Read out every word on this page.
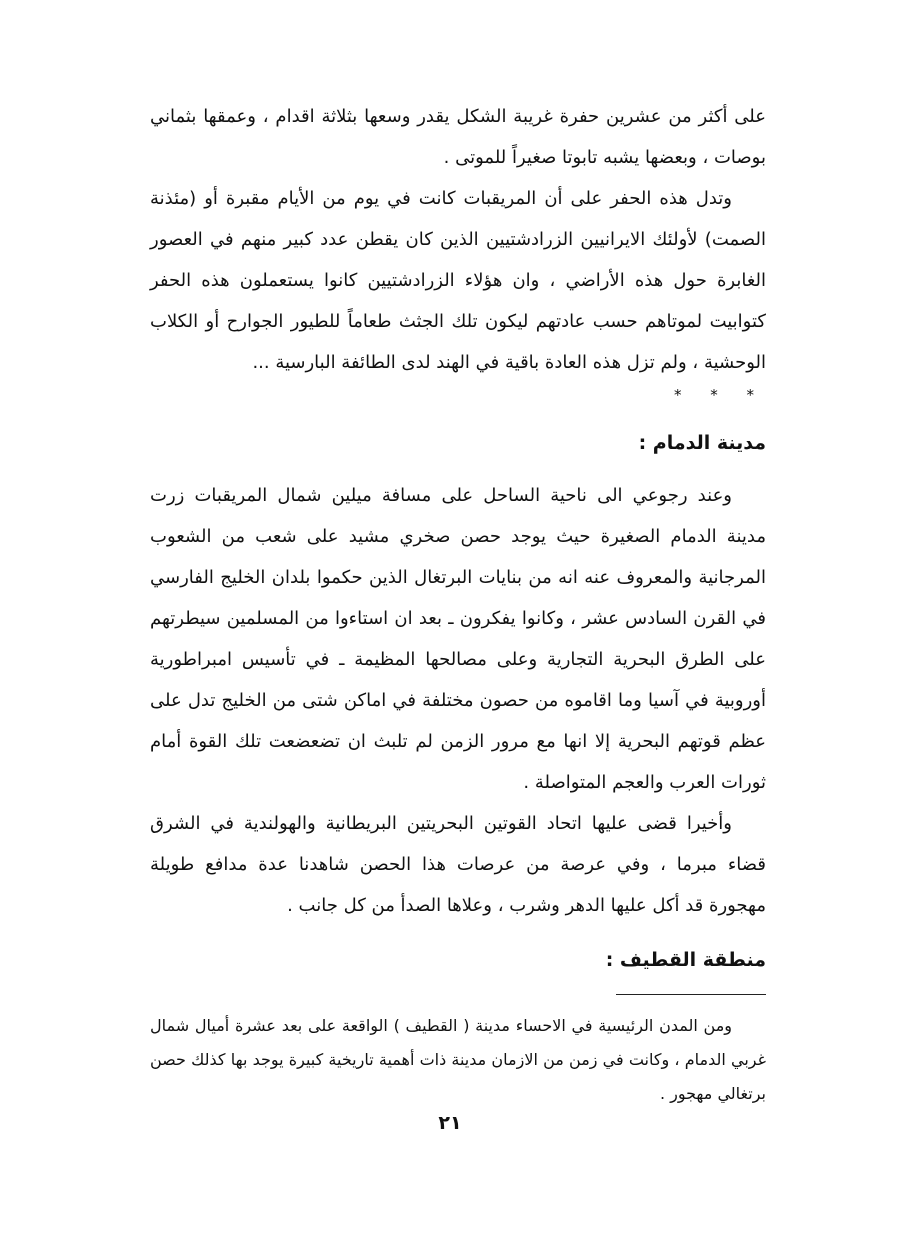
على أكثر من عشرين حفرة غريبة الشكل يقدر وسعها بثلاثة اقدام ، وعمقها بثماني بوصات ، وبعضها يشبه تابوتا صغيراً للموتى .

وتدل هذه الحفر على أن المريقبات كانت في يوم من الأيام مقبرة أو (مئذنة الصمت) لأولئك الايرانيين الزرادشتيين الذين كان يقطن عدد كبير منهم في العصور الغابرة حول هذه الأراضي ، وان هؤلاء الزرادشتيين كانوا يستعملون هذه الحفر كتوابيت لموتاهم حسب عادتهم ليكون تلك الجثث طعاماً للطيور الجوارح أو الكلاب الوحشية ، ولم تزل هذه العادة باقية في الهند لدى الطائفة البارسية ...

* * *
مدينة الدمام :

وعند رجوعي الى ناحية الساحل على مسافة ميلين شمال المريقبات زرت مدينة الدمام الصغيرة حيث يوجد حصن صخري مشيد على شعب من الشعوب المرجانية والمعروف عنه انه من بنايات البرتغال الذين حكموا بلدان الخليج الفارسي في القرن السادس عشر ، وكانوا يفكرون ـ بعد ان استاءوا من المسلمين سيطرتهم على الطرق البحرية التجارية وعلى مصالحها المظيمة ـ في تأسيس امبراطورية أوروبية في آسيا وما اقاموه من حصون مختلفة في اماكن شتى من الخليج تدل على عظم قوتهم البحرية إلا انها مع مرور الزمن لم تلبث ان تضعضعت تلك القوة أمام ثورات العرب والعجم المتواصلة .

وأخيرا قضى عليها اتحاد القوتين البحريتين البريطانية والهولندية في الشرق قضاء مبرما ، وفي عرصة من عرصات هذا الحصن شاهدنا عدة مدافع طويلة مهجورة قد أكل عليها الدهر وشرب ، وعلاها الصدأ من كل جانب .

منطقة القطيف :

ومن المدن الرئيسية في الاحساء مدينة ( القطيف ) الواقعة على بعد عشرة أميال شمال غربي الدمام ، وكانت في زمن من الازمان مدينة ذات أهمية تاريخية كبيرة يوجد بها كذلك حصن برتغالي مهجور .

٢١
